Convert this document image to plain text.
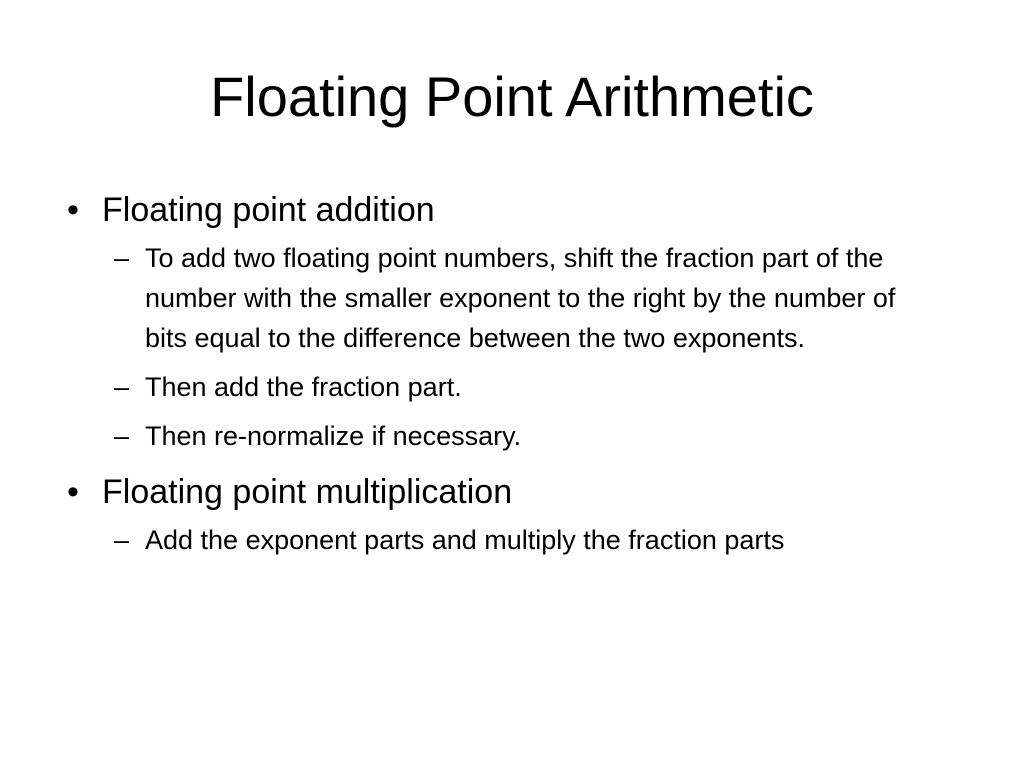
Floating Point Arithmetic
• Floating point addition
– To add two floating point numbers, shift the fraction part of the number with the smaller exponent to the right by the number of bits equal to the difference between the two exponents.
– Then add the fraction part.
– Then re-normalize if necessary.
• Floating point multiplication
– Add the exponent parts and multiply the fraction parts
